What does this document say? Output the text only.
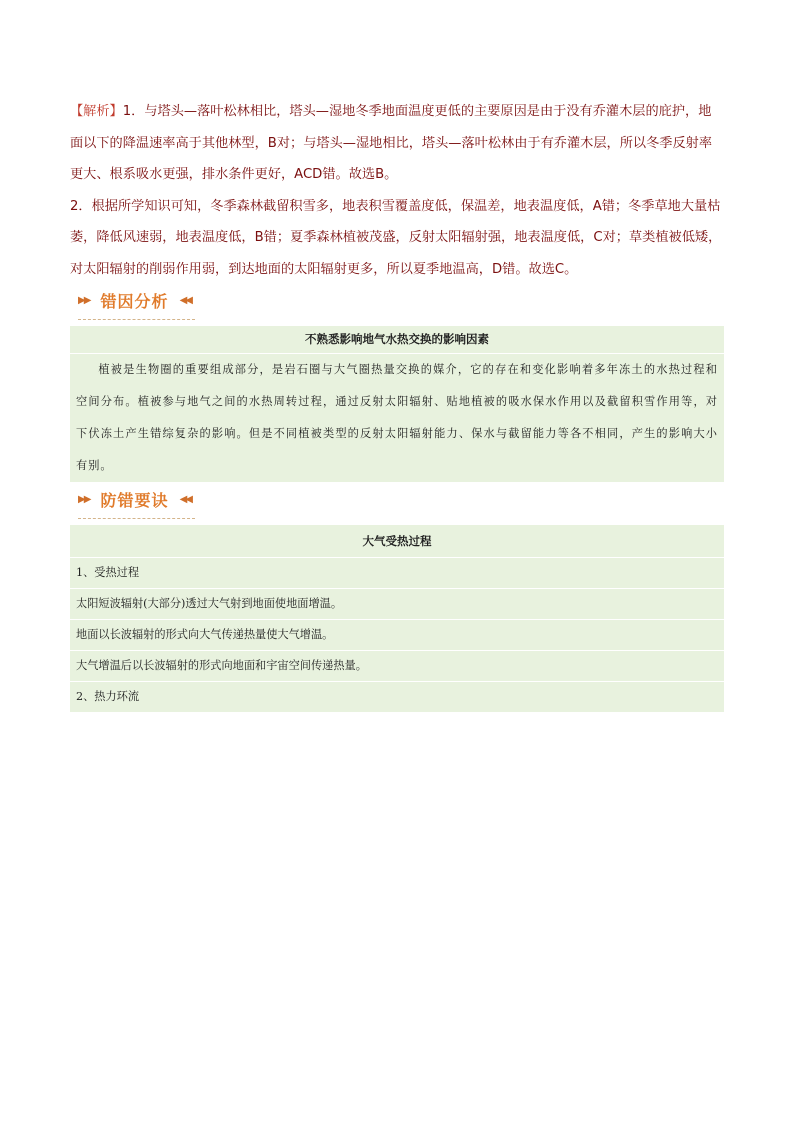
【解析】1．与塔头—落叶松林相比，塔头—湿地冬季地面温度更低的主要原因是由于没有乔灌木层的庇护，地面以下的降温速率高于其他林型，B对；与塔头—湿地相比，塔头—落叶松林由于有乔灌木层，所以冬季反射率更大、根系吸水更强，排水条件更好，ACD错。故选B。

2．根据所学知识可知，冬季森林截留积雪多，地表积雪覆盖度低，保温差，地表温度低，A错；冬季草地大量枯萎，降低风速弱，地表温度低，B错；夏季森林植被茂盛，反射太阳辐射强，地表温度低，C对；草类植被低矮，对太阳辐射的削弱作用弱，到达地面的太阳辐射更多，所以夏季地温高，D错。故选C。

▶▶ 错因分析 ◀◀
不熟悉影响地气水热交换的影响因素
植被是生物圈的重要组成部分，是岩石圈与大气圈热量交换的媒介，它的存在和变化影响着多年冻土的水热过程和空间分布。植被参与地气之间的水热周转过程，通过反射太阳辐射、贴地植被的吸水保水作用以及截留积雪作用等，对下伏冻土产生错综复杂的影响。但是不同植被类型的反射太阳辐射能力、保水与截留能力等各不相同，产生的影响大小有别。
▶▶ 防错要诀 ◀◀
大气受热过程
1、受热过程
太阳短波辐射(大部分)透过大气射到地面使地面增温。
地面以长波辐射的形式向大气传递热量使大气增温。
大气增温后以长波辐射的形式向地面和宇宙空间传递热量。
2、热力环流
